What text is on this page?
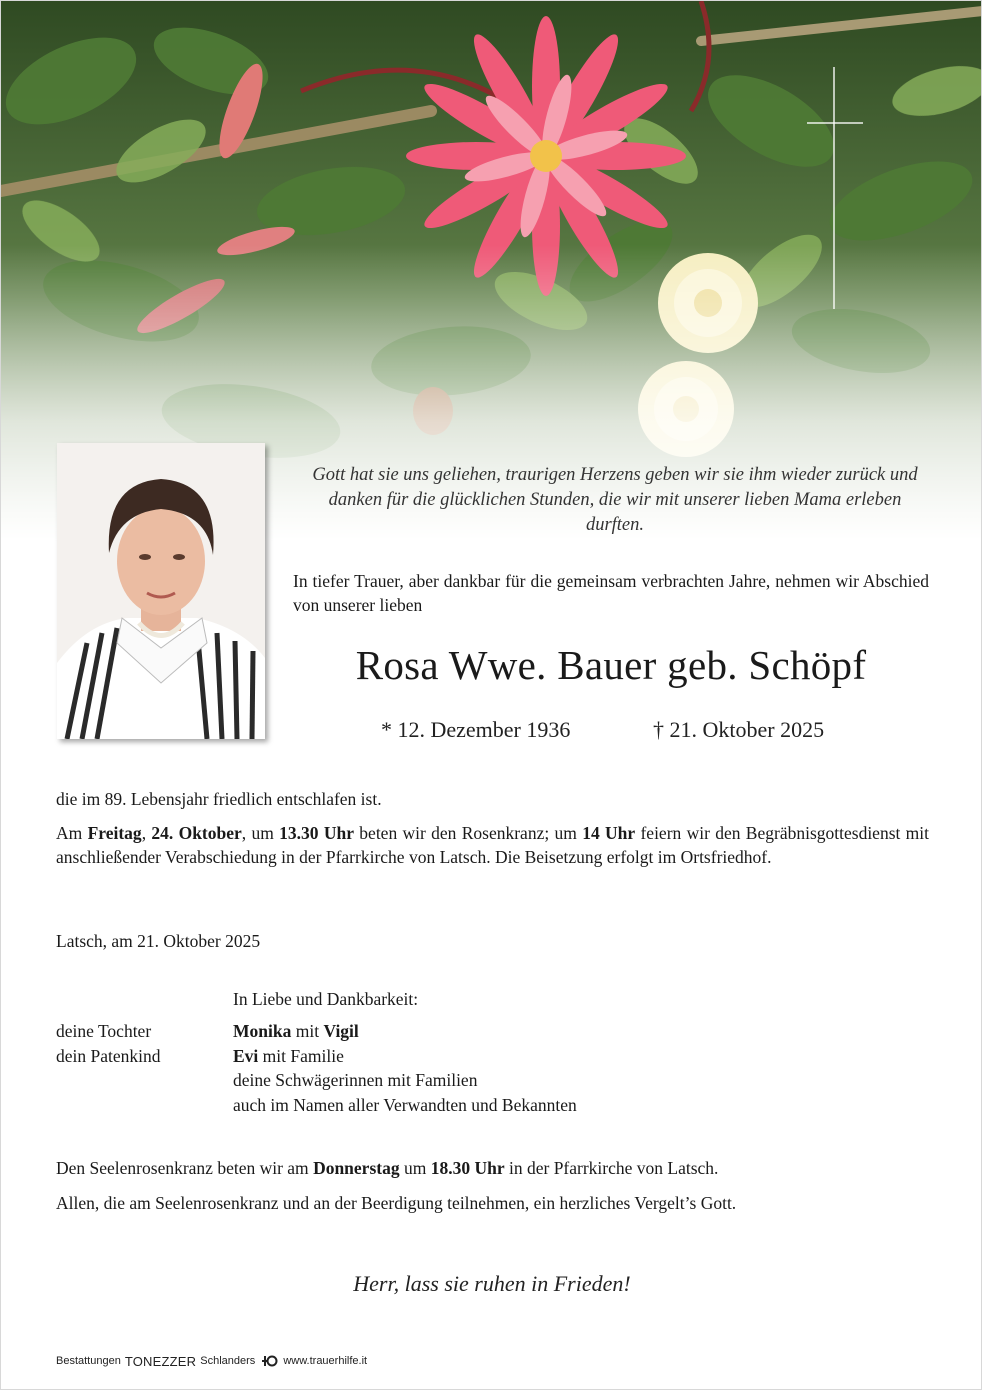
Gott hat sie uns geliehen, traurigen Herzens geben wir sie ihm wieder zurück und danken für die glücklichen Stunden, die wir mit unserer lieben Mama erleben durften.
In tiefer Trauer, aber dankbar für die gemeinsam verbrachten Jahre, nehmen wir Abschied von unserer lieben
Rosa Wwe. Bauer geb. Schöpf
* 12. Dezember 1936	† 21. Oktober 2025
die im 89. Lebensjahr friedlich entschlafen ist.
Am Freitag, 24. Oktober, um 13.30 Uhr beten wir den Rosenkranz; um 14 Uhr feiern wir den Begräbnisgottesdienst mit anschließender Verabschiedung in der Pfarrkirche von Latsch. Die Beisetzung erfolgt im Ortsfriedhof.
Latsch, am 21. Oktober 2025
In Liebe und Dankbarkeit:
deine Tochter	Monika mit Vigil
dein Patenkind	Evi mit Familie
deine Schwägerinnen mit Familien
auch im Namen aller Verwandten und Bekannten
Den Seelenrosenkranz beten wir am Donnerstag um 18.30 Uhr in der Pfarrkirche von Latsch.
Allen, die am Seelenrosenkranz und an der Beerdigung teilnehmen, ein herzliches Vergelt’s Gott.
Herr, lass sie ruhen in Frieden!
Bestattungen TONEZZER Schlanders	www.trauerhilfe.it
